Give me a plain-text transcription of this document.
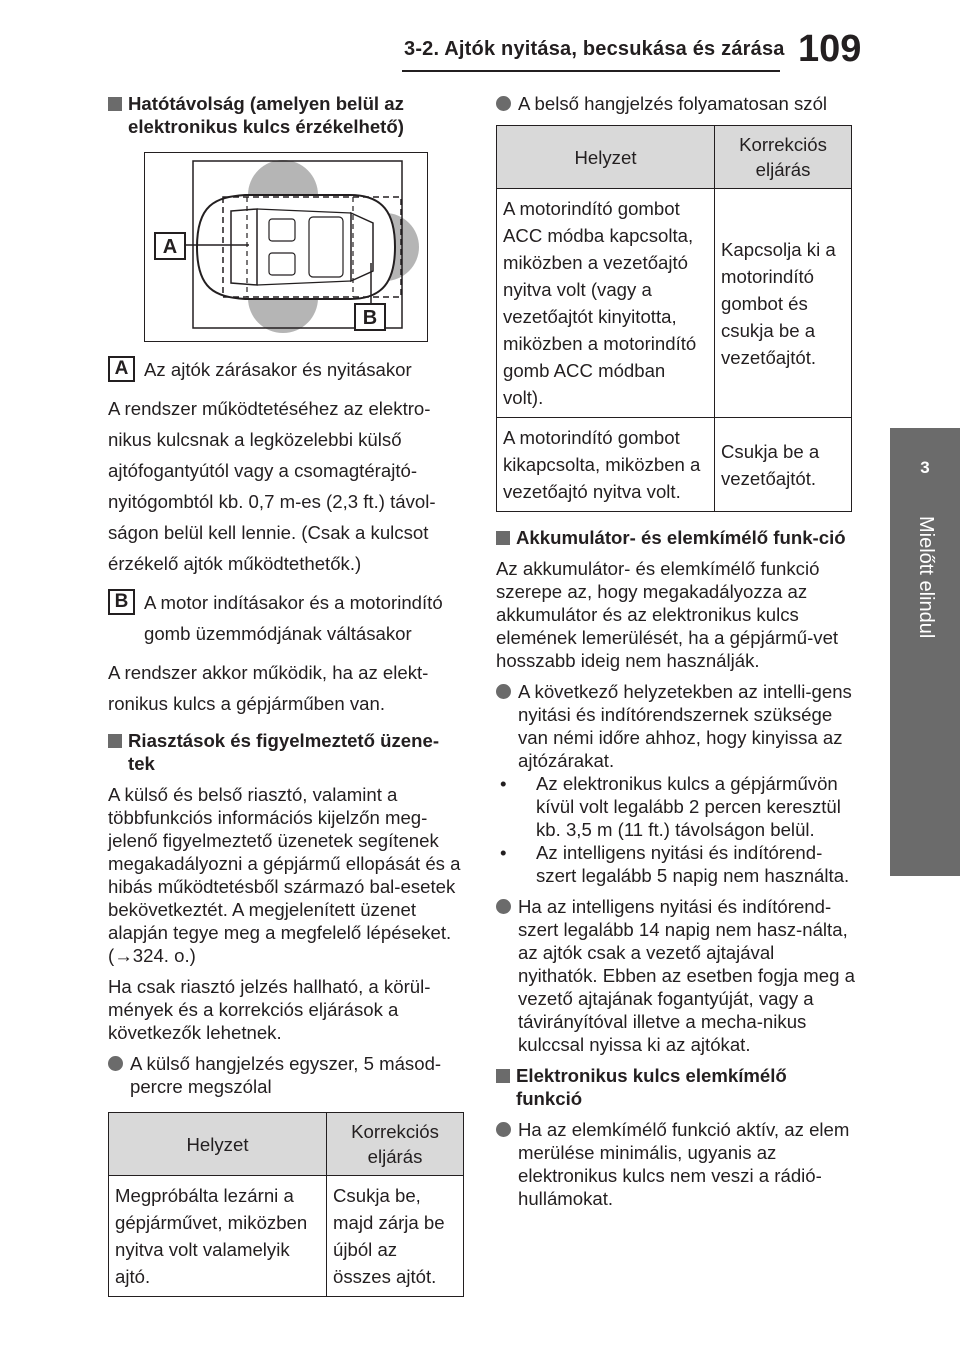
3-2. Ajtók nyitása, becsukása és zárása 109
3
Mielőtt elindul
Hatótávolság (amelyen belül az elektronikus kulcs érzékelhető)
A
B
A Az ajtók zárásakor és nyitásakor
A rendszer működtetéséhez az elektro-nikus kulcsnak a legközelebbi külső ajtófogantyútól vagy a csomagtérajtó-nyitógombtól kb. 0,7 m-es (2,3 ft.) távol-ságon belül kell lennie. (Csak a kulcsot érzékelő ajtók működtethetők.)
B A motor indításakor és a motorindító gomb üzemmódjának váltásakor
A rendszer akkor működik, ha az elekt-ronikus kulcs a gépjárműben van.
Riasztások és figyelmeztető üzene-tek
A külső és belső riasztó, valamint a többfunkciós információs kijelzőn meg-jelenő figyelmeztető üzenetek segítenek megakadályozni a gépjármű ellopását és a hibás működtetésből származó bal-esetek bekövetkeztét. A megjelenített üzenet alapján tegye meg a megfelelő lépéseket. (→324. o.)
Ha csak riasztó jelzés hallható, a körül-mények és a korrekciós eljárások a következők lehetnek.
A külső hangjelzés egyszer, 5 másod-percre megszólal
Helyzet	Korrekciós eljárás
Megpróbálta lezárni a gépjárművet, miközben nyitva volt valamelyik ajtó.	Csukja be, majd zárja be újból az összes ajtót.
A belső hangjelzés folyamatosan szól
Helyzet	Korrekciós eljárás
A motorindító gombot ACC módba kapcsolta, miközben a vezetőajtó nyitva volt (vagy a vezetőajtót kinyitotta, miközben a motorindító gomb ACC módban volt).	Kapcsolja ki a motorindító gombot és csukja be a vezetőajtót.
A motorindító gombot kikapcsolta, miközben a vezetőajtó nyitva volt.	Csukja be a vezetőajtót.
Akkumulátor- és elemkímélő funk-ció
Az akkumulátor- és elemkímélő funkció szerepe az, hogy megakadályozza az akkumulátor és az elektronikus kulcs elemének lemerülését, ha a gépjármű-vet hosszabb ideig nem használják.
A következő helyzetekben az intelli-gens nyitási és indítórendszernek szüksége van némi időre ahhoz, hogy kinyissa az ajtózárakat.
•	Az elektronikus kulcs a gépjárművön kívül volt legalább 2 percen keresztül kb. 3,5 m (11 ft.) távolságon belül.
•	Az intelligens nyitási és indítórend-szert legalább 5 napig nem használta.
Ha az intelligens nyitási és indítórend-szert legalább 14 napig nem hasz-nálta, az ajtók csak a vezető ajtajával nyithatók. Ebben az esetben fogja meg a vezető ajtajának fogantyúját, vagy a távirányítóval illetve a mecha-nikus kulccsal nyissa ki az ajtókat.
Elektronikus kulcs elemkímélő funkció
Ha az elemkímélő funkció aktív, az elem merülése minimális, ugyanis az elektronikus kulcs nem veszi a rádió-hullámokat.
